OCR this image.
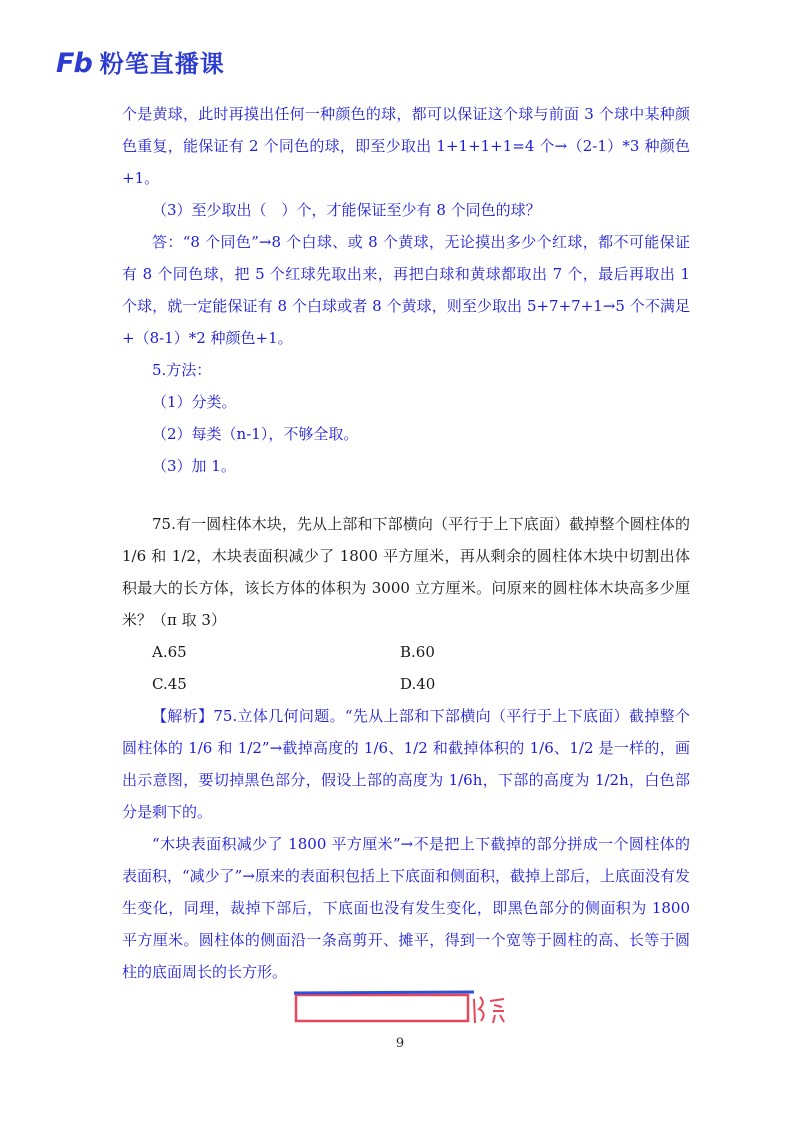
Fb 粉笔直播课

个是黄球，此时再摸出任何一种颜色的球，都可以保证这个球与前面 3 个球中某种颜色重复，能保证有 2 个同色的球，即至少取出 1+1+1+1=4 个→（2-1）*3 种颜色+1。

（3）至少取出（　）个，才能保证至少有 8 个同色的球？

答：“8 个同色”→8 个白球、或 8 个黄球，无论摸出多少个红球，都不可能保证有 8 个同色球，把 5 个红球先取出来，再把白球和黄球都取出 7 个，最后再取出 1 个球，就一定能保证有 8 个白球或者 8 个黄球，则至少取出 5+7+7+1→5 个不满足+（8-1）*2 种颜色+1。

5.方法：

（1）分类。

（2）每类（n-1），不够全取。

（3）加 1。

75.有一圆柱体木块，先从上部和下部横向（平行于上下底面）截掉整个圆柱体的 1/6 和 1/2，木块表面积减少了 1800 平方厘米，再从剩余的圆柱体木块中切割出体积最大的长方体，该长方体的体积为 3000 立方厘米。问原来的圆柱体木块高多少厘米？（π 取 3）

A.65	B.60
C.45	D.40

【解析】75.立体几何问题。“先从上部和下部横向（平行于上下底面）截掉整个圆柱体的 1/6 和 1/2”→截掉高度的 1/6、1/2 和截掉体积的 1/6、1/2 是一样的，画出示意图，要切掉黑色部分，假设上部的高度为 1/6h，下部的高度为 1/2h，白色部分是剩下的。

“木块表面积减少了 1800 平方厘米”→不是把上下截掉的部分拼成一个圆柱体的表面积，“减少了”→原来的表面积包括上下底面和侧面积，截掉上部后，上底面没有发生变化，同理，裁掉下部后，下底面也没有发生变化，即黑色部分的侧面积为 1800 平方厘米。圆柱体的侧面沿一条高剪开、摊平，得到一个宽等于圆柱的高、长等于圆柱的底面周长的长方形。

9
